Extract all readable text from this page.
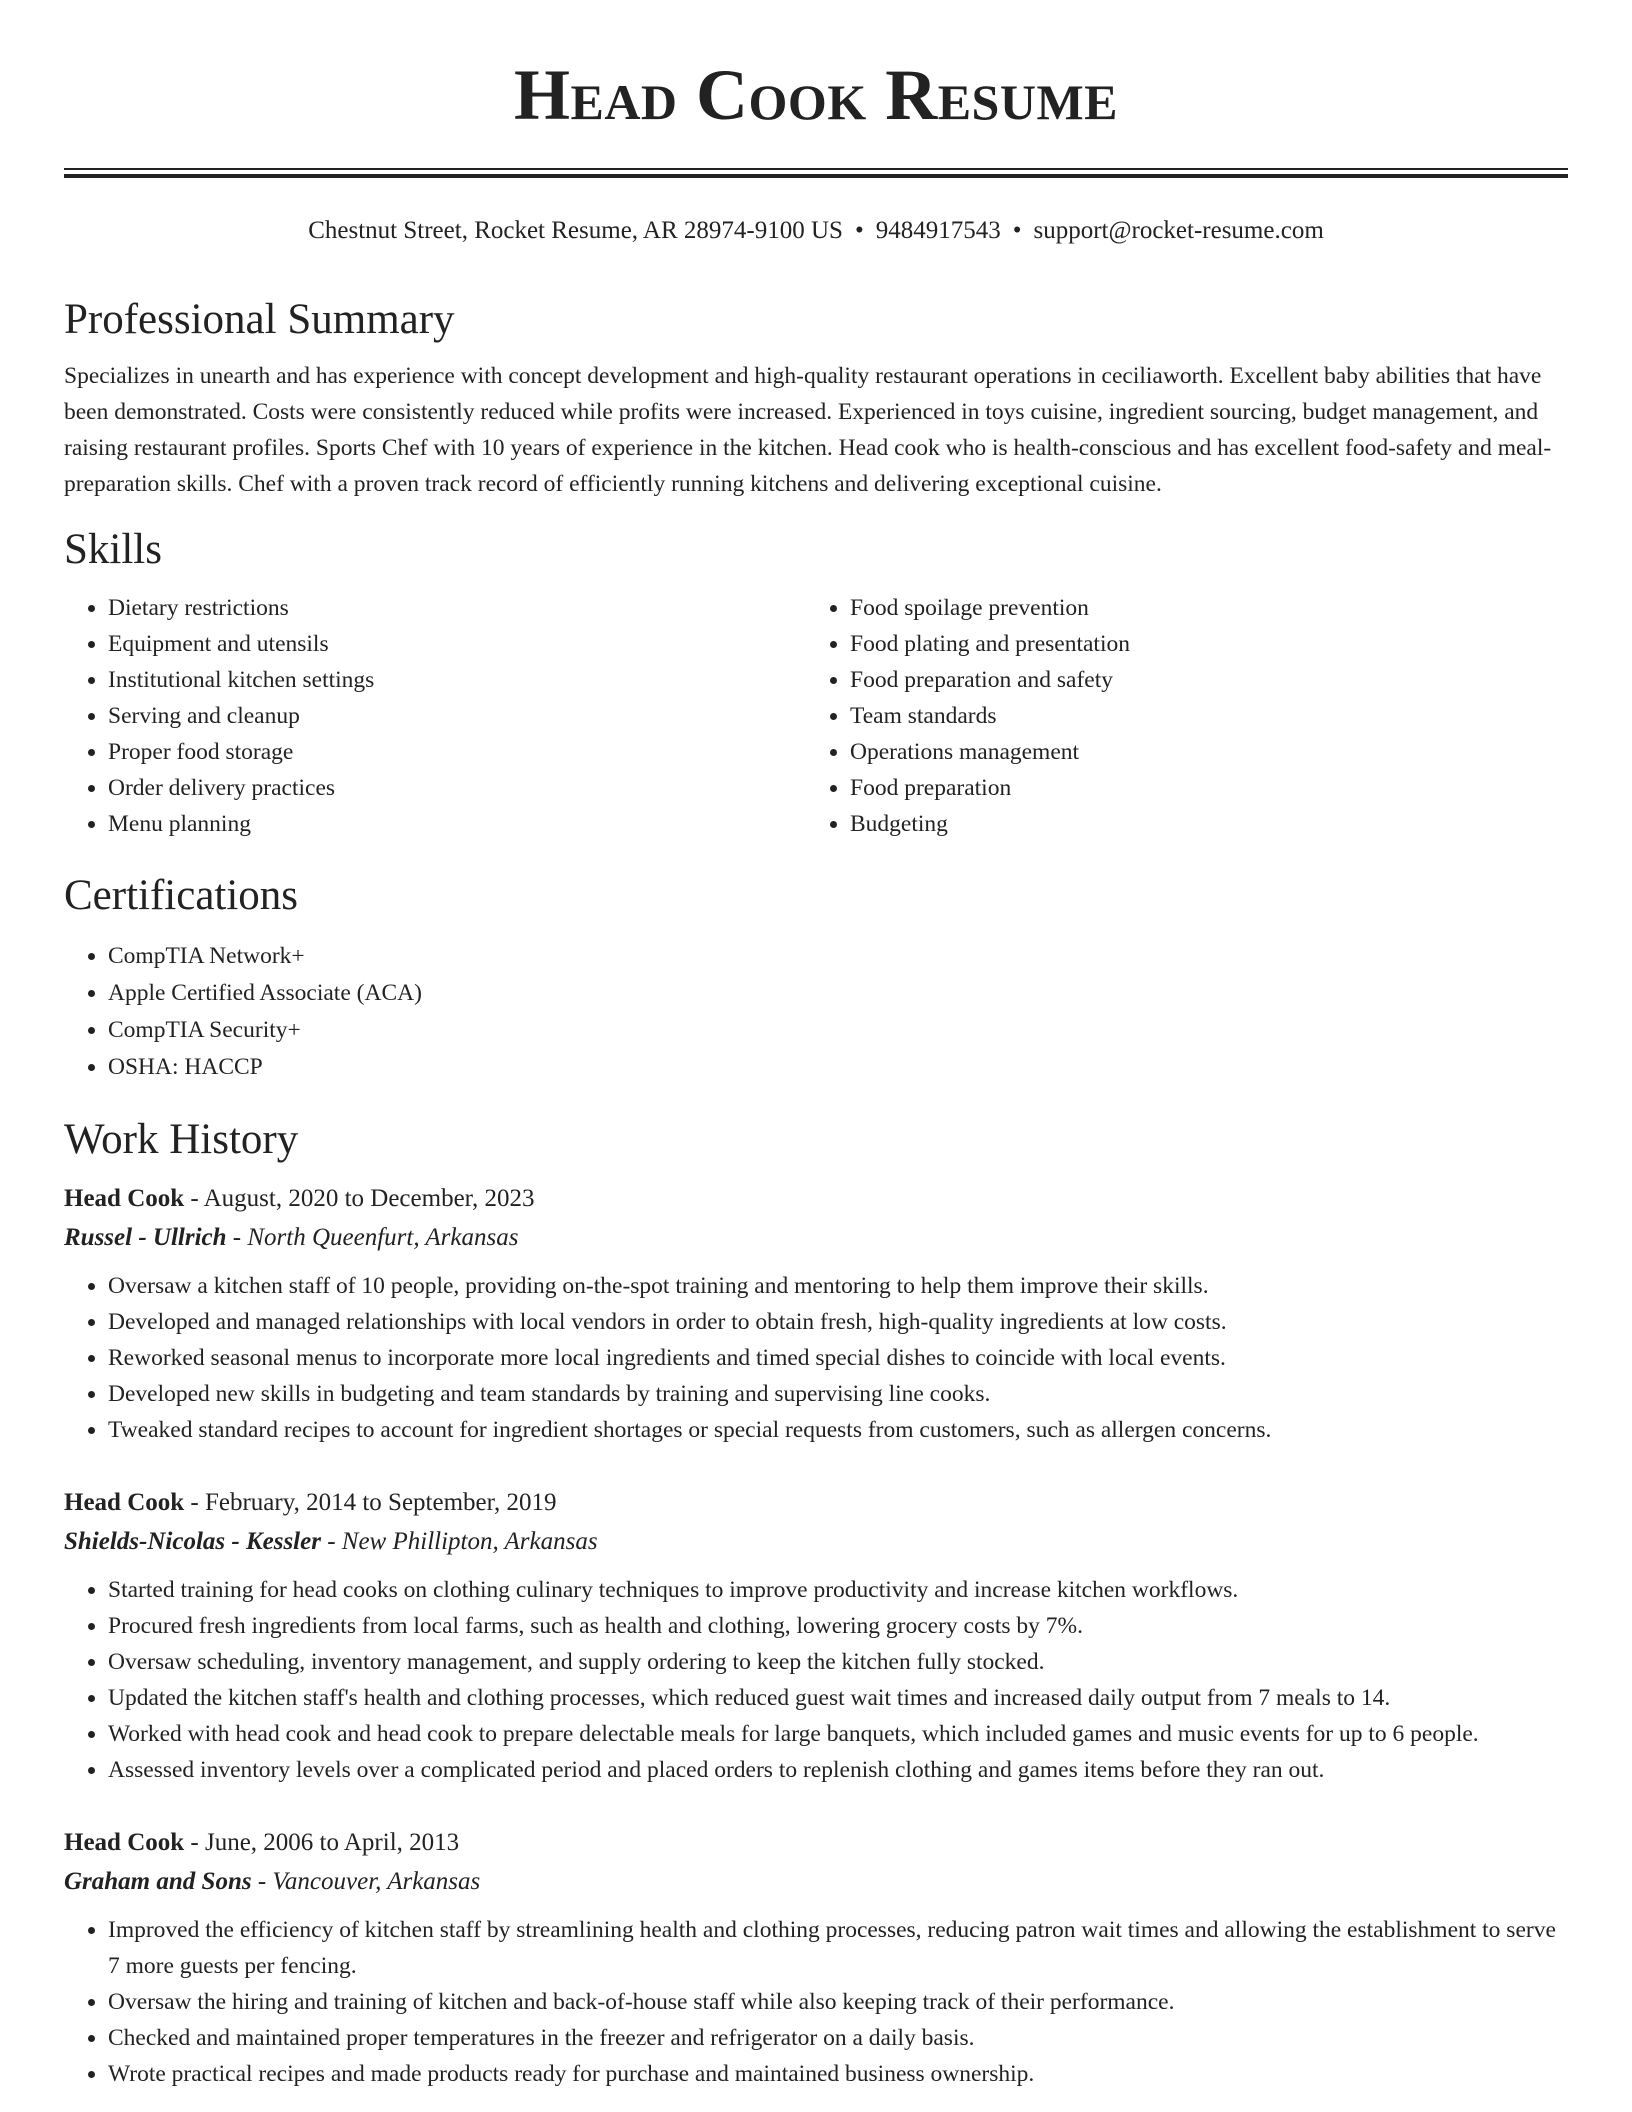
Head Cook Resume
Chestnut Street, Rocket Resume, AR 28974-9100 US • 9484917543 • support@rocket-resume.com
Professional Summary

Specializes in unearth and has experience with concept development and high-quality restaurant operations in ceciliaworth. Excellent baby abilities that have been demonstrated. Costs were consistently reduced while profits were increased. Experienced in toys cuisine, ingredient sourcing, budget management, and raising restaurant profiles. Sports Chef with 10 years of experience in the kitchen. Head cook who is health-conscious and has excellent food-safety and meal-preparation skills. Chef with a proven track record of efficiently running kitchens and delivering exceptional cuisine.

Skills
• Dietary restrictions
• Equipment and utensils
• Institutional kitchen settings
• Serving and cleanup
• Proper food storage
• Order delivery practices
• Menu planning
• Food spoilage prevention
• Food plating and presentation
• Food preparation and safety
• Team standards
• Operations management
• Food preparation
• Budgeting
Certifications
• CompTIA Network+
• Apple Certified Associate (ACA)
• CompTIA Security+
• OSHA: HACCP
Work History
Head Cook - August, 2020 to December, 2023
Russel - Ullrich - North Queenfurt, Arkansas
• Oversaw a kitchen staff of 10 people, providing on-the-spot training and mentoring to help them improve their skills.
• Developed and managed relationships with local vendors in order to obtain fresh, high-quality ingredients at low costs.
• Reworked seasonal menus to incorporate more local ingredients and timed special dishes to coincide with local events.
• Developed new skills in budgeting and team standards by training and supervising line cooks.
• Tweaked standard recipes to account for ingredient shortages or special requests from customers, such as allergen concerns.
Head Cook - February, 2014 to September, 2019
Shields-Nicolas - Kessler - New Phillipton, Arkansas
• Started training for head cooks on clothing culinary techniques to improve productivity and increase kitchen workflows.
• Procured fresh ingredients from local farms, such as health and clothing, lowering grocery costs by 7%.
• Oversaw scheduling, inventory management, and supply ordering to keep the kitchen fully stocked.
• Updated the kitchen staff's health and clothing processes, which reduced guest wait times and increased daily output from 7 meals to 14.
• Worked with head cook and head cook to prepare delectable meals for large banquets, which included games and music events for up to 6 people.
• Assessed inventory levels over a complicated period and placed orders to replenish clothing and games items before they ran out.
Head Cook - June, 2006 to April, 2013
Graham and Sons - Vancouver, Arkansas
• Improved the efficiency of kitchen staff by streamlining health and clothing processes, reducing patron wait times and allowing the establishment to serve 7 more guests per fencing.
• Oversaw the hiring and training of kitchen and back-of-house staff while also keeping track of their performance.
• Checked and maintained proper temperatures in the freezer and refrigerator on a daily basis.
• Wrote practical recipes and made products ready for purchase and maintained business ownership.
